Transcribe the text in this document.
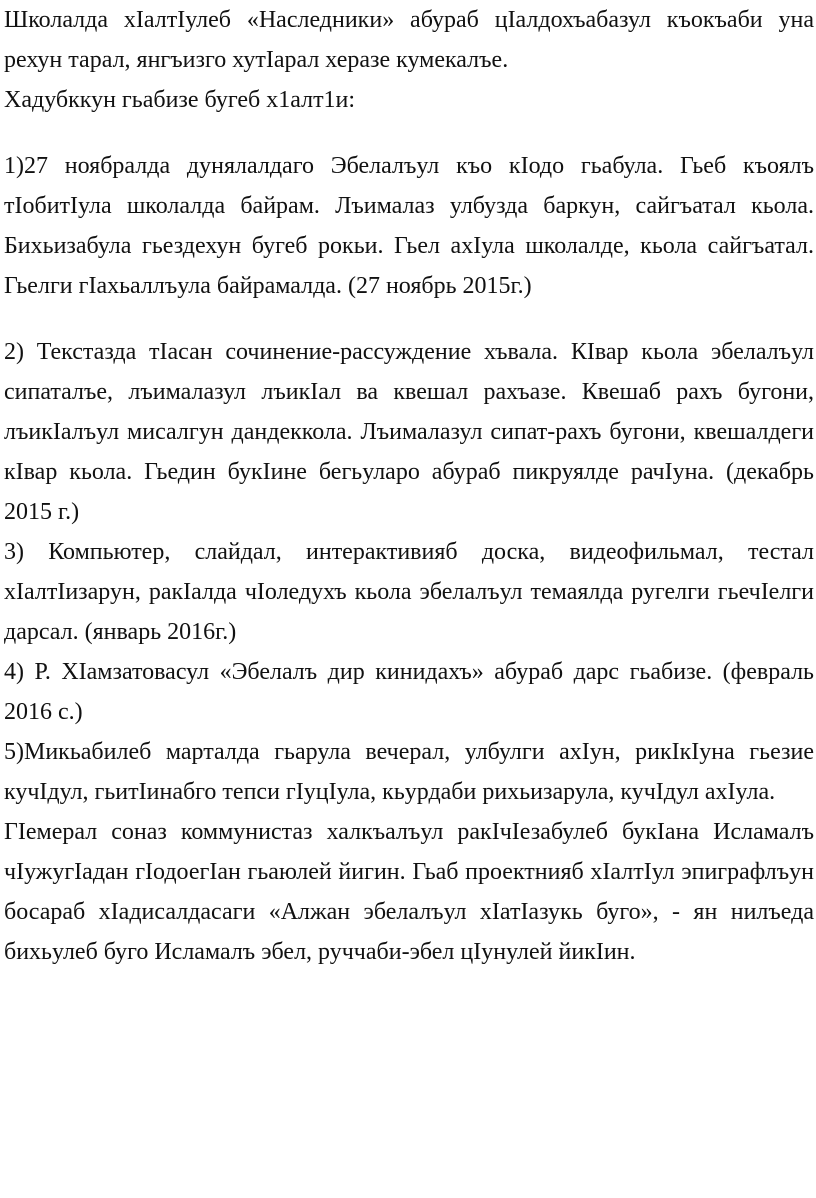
Школалда хIалтIулеб «Наследники» абураб цIалдохъабазул къокъаби уна рехун тарал, янгъизго хутIарал херазе кумекалъе.

Хадубккун гьабизе бугеб х1алт1и:

1)27 ноябралда дунялалдаго Эбелалъул къо кIодо гьабула. Гьеб къоялъ тIобитIула школалда байрам. Лъималаз улбузда баркун, сайгъатал кьола. Бихьизабула гьездехун бугеб рокьи. Гьел ахIула школалде, кьола сайгъатал. Гьелги гIахьаллъула байрамалда. (27 ноябрь 2015г.)

2) Текстазда тIасан сочинение-рассуждение хъвала. КIвар кьола эбелалъул сипаталъе, лъималазул лъикIал ва квешал рахъазе. Квешаб рахъ бугони, лъикIалъул мисалгун дандеккола. Лъималазул сипат-рахъ бугони, квешалдеги кIвар кьола. Гьедин букIине бегьуларо абураб пикруялде рачIуна. (декабрь 2015 г.)

3) Компьютер, слайдал, интерактивияб доска, видеофильмал, тестал хIалтIизарун, ракIалда чIоледухъ кьола эбелалъул темаялда ругелги гьечIелги дарсал. (январь 2016г.)

4) Р. ХIамзатовасул «Эбелалъ дир кинидахъ» абураб дарс гьабизе. (февраль 2016 с.)

5)Микьабилеб марталда гьарула вечерал, улбулги ахIун, рикIкIуна гьезие кучIдул, гьитIинабго тепси гIуцIула, кьурдаби рихьизарула, кучIдул ахIула.

ГIемерал соназ коммунистаз халкъалъул ракIчIезабулеб букIана Исламалъ чIужугIадан гIодоегIан гьаюлей йигин. Гьаб проектнияб хIалтIул эпиграфлъун босараб хIадисалдасаги «Алжан эбелалъул хIатIазукь буго», - ян нилъеда бихьулеб буго Исламалъ эбел, руччаби-эбел цIунулей йикIин.
